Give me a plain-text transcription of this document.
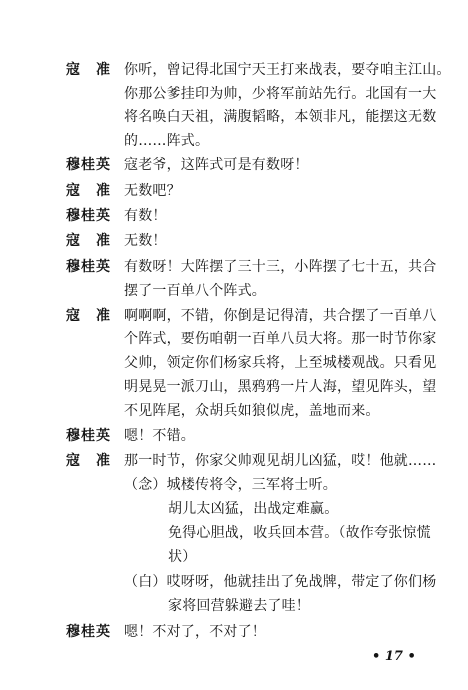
寇　准 你听，曾记得北国宁天王打来战表，要夺咱主江山。
你那公爹挂印为帅，少将军前站先行。北国有一大
将名唤白天祖，满腹韬略，本领非凡，能摆这无数
的……阵式。
穆桂英 寇老爷，这阵式可是有数呀！
寇　准 无数吧？
穆桂英 有数！
寇　准 无数！
穆桂英 有数呀！大阵摆了三十三，小阵摆了七十五，共合
摆了一百单八个阵式。
寇　准 啊啊啊，不错，你倒是记得清，共合摆了一百单八
个阵式，要伤咱朝一百单八员大将。那一时节你家
父帅，领定你们杨家兵将，上至城楼观战。只看见
明晃晃一派刀山，黑鸦鸦一片人海，望见阵头，望
不见阵尾，众胡兵如狼似虎，盖地而来。
穆桂英 嗯！不错。
寇　准 那一时节，你家父帅观见胡儿凶猛，哎！他就……
（念）城楼传将令，三军将士听。
胡儿太凶猛，出战定难赢。
免得心胆战，收兵回本营。（故作夸张惊慌
状）
（白）哎呀呀，他就挂出了免战牌，带定了你们杨
家将回营躲避去了哇！
穆桂英 嗯！不对了，不对了！
• 17 •
